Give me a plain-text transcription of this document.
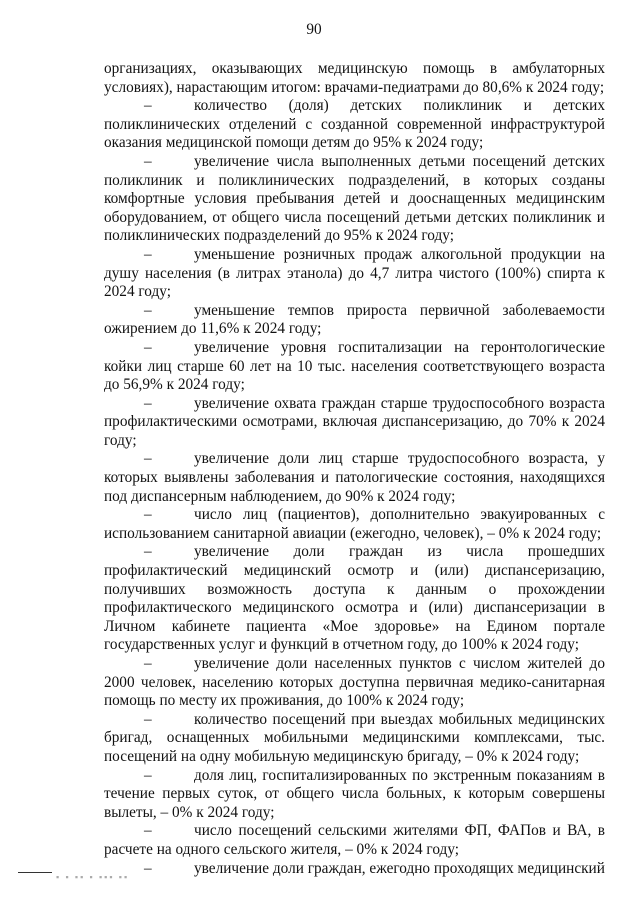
90

организациях, оказывающих медицинскую помощь в амбулаторных условиях), нарастающим итогом: врачами-педиатрами до 80,6% к 2024 году;

–	количество (доля) детских поликлиник и детских поликлинических отделений с созданной современной инфраструктурой оказания медицинской помощи детям до 95% к 2024 году;

–	увеличение числа выполненных детьми посещений детских поликлиник и поликлинических подразделений, в которых созданы комфортные условия пребывания детей и дооснащенных медицинским оборудованием, от общего числа посещений детьми детских поликлиник и поликлинических подразделений до 95% к 2024 году;

–	уменьшение розничных продаж алкогольной продукции на душу населения (в литрах этанола) до 4,7 литра чистого (100%) спирта к 2024 году;

–	уменьшение темпов прироста первичной заболеваемости ожирением до 11,6% к 2024 году;

–	увеличение уровня госпитализации на геронтологические койки лиц старше 60 лет на 10 тыс. населения соответствующего возраста до 56,9% к 2024 году;

–	увеличение охвата граждан старше трудоспособного возраста профилактическими осмотрами, включая диспансеризацию, до 70% к 2024 году;

–	увеличение доли лиц старше трудоспособного возраста, у которых выявлены заболевания и патологические состояния, находящихся под диспансерным наблюдением, до 90% к 2024 году;

–	число лиц (пациентов), дополнительно эвакуированных с использованием санитарной авиации (ежегодно, человек), – 0% к 2024 году;

–	увеличение доли граждан из числа прошедших профилактический медицинский осмотр и (или) диспансеризацию, получивших возможность доступа к данным о прохождении профилактического медицинского осмотра и (или) диспансеризации в Личном кабинете пациента «Мое здоровье» на Едином портале государственных услуг и функций в отчетном году, до 100% к 2024 году;

–	увеличение доли населенных пунктов с числом жителей до 2000 человек, населению которых доступна первичная медико-санитарная помощь по месту их проживания, до 100% к 2024 году;

–	количество посещений при выездах мобильных медицинских бригад, оснащенных мобильными медицинскими комплексами, тыс. посещений на одну мобильную медицинскую бригаду, – 0% к 2024 году;

–	доля лиц, госпитализированных по экстренным показаниям в течение первых суток, от общего числа больных, к которым совершены вылеты, – 0% к 2024 году;

–	число посещений сельскими жителями ФП, ФАПов и ВА, в расчете на одного сельского жителя, – 0% к 2024 году;

–	увеличение доли граждан, ежегодно проходящих медицинский

▪ ▪ ▪▪ ▪ ▪▪▪ ▪▪
